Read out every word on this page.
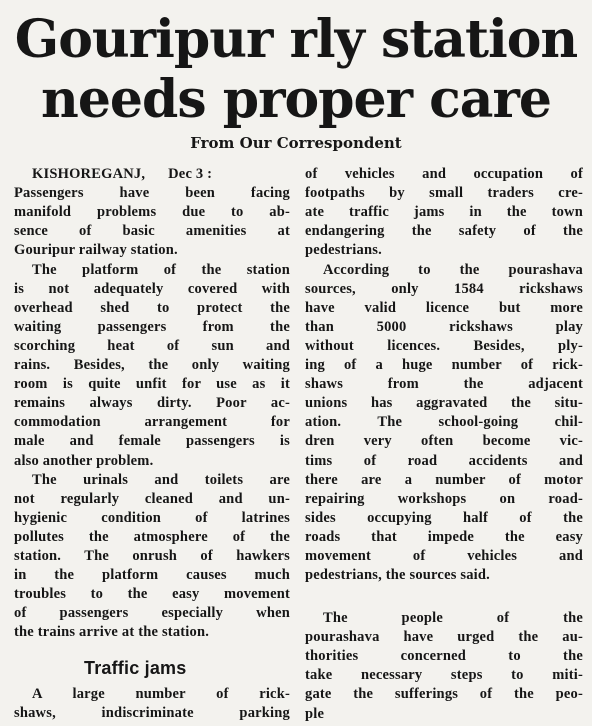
Gouripur rly station
needs proper care
From Our Correspondent
KISHOREGANJ,      Dec 3 :
Passengers have been facing
manifold problems due to ab-
sence of basic amenities at
Gouripur railway station.
The platform of the station
is not adequately covered with
overhead shed to protect the
waiting passengers from the
scorching heat of sun and
rains. Besides, the only waiting
room is quite unfit for use as it
remains always dirty. Poor ac-
commodation arrangement for
male and female passengers is
also another problem.
The urinals and toilets are
not regularly cleaned and un-
hygienic condition of latrines
pollutes the atmosphere of the
station. The onrush of hawkers
in the platform causes much
troubles to the easy movement
of passengers especially when
the trains arrive at the station.
A large number of rick-
shaws, indiscriminate parking
Traffic jams
of vehicles and occupation of
footpaths by small traders cre-
ate traffic jams in the town
endangering the safety of the
pedestrians.
According to the pourashava
sources, only 1584 rickshaws
have valid licence but more
than 5000 rickshaws play
without licences. Besides, ply-
ing of a huge number of rick-
shaws from the adjacent
unions has aggravated the situ-
ation. The school-going chil-
dren very often become vic-
tims of road accidents and
there are a number of motor
repairing workshops on road-
sides occupying half of the
roads that impede the easy
movement of vehicles and
pedestrians, the sources said.
The people of the
pourashava have urged the au-
thorities concerned to the
take necessary steps to miti-
gate the sufferings of the peo-
ple
